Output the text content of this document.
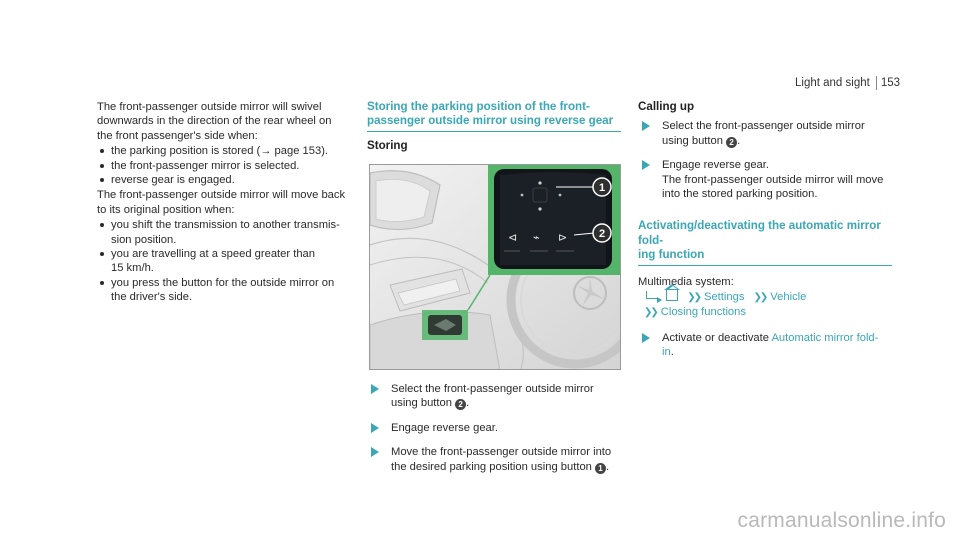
Light and sight 153

The front-passenger outside mirror will swivel
downwards in the direction of the rear wheel on
the front passenger's side when:

the parking position is stored (→ page 153).
the front-passenger mirror is selected.
reverse gear is engaged.

The front-passenger outside mirror will move back
to its original position when:

you shift the transmission to another transmis-
sion position.
you are travelling at a speed greater than
15 km/h.
you press the button for the outside mirror on
the driver's side.
Storing the parking position of the front-
passenger outside mirror using reverse gear
Storing
⊲ ⌁ ⊳
1
2
Select the front-passenger outside mirror
using button 2 .
Engage reverse gear.
Move the front-passenger outside mirror into
the desired parking position using button 1 .
Calling up
Select the front-passenger outside mirror
using button 2 .
Engage reverse gear.
The front-passenger outside mirror will move
into the stored parking position.
Activating/deactivating the automatic mirror fold-
ing function
Multimedia system:
❯❯ Settings ❯❯ Vehicle
❯❯ Closing functions
Activate or deactivate Automatic mirror fold-
in.
carmanualsonline.info
